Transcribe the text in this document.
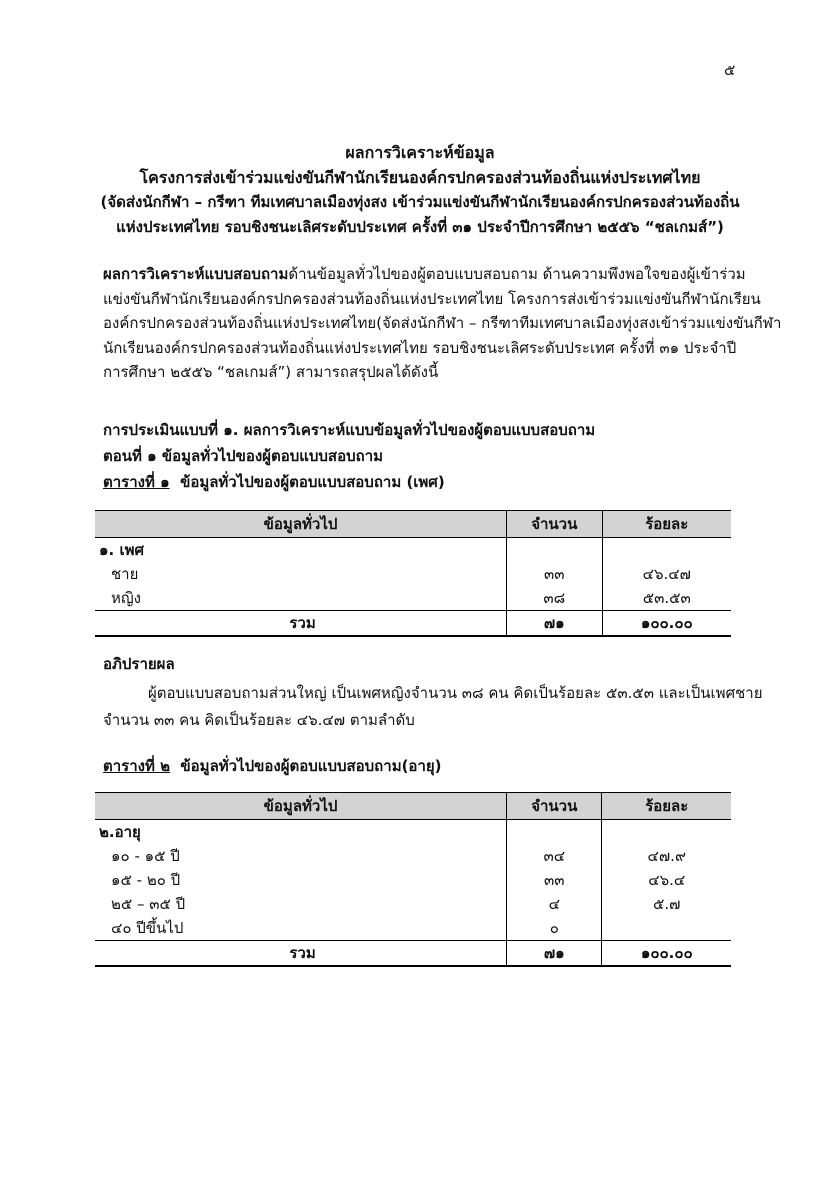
๕
ผลการวิเคราะห์ข้อมูล
โครงการส่งเข้าร่วมแข่งขันกีฬานักเรียนองค์กรปกครองส่วนท้องถิ่นแห่งประเทศไทย
(จัดส่งนักกีฬา – กรีฑา ทีมเทศบาลเมืองทุ่งสง เข้าร่วมแข่งขันกีฬานักเรียนองค์กรปกครองส่วนท้องถิ่น
แห่งประเทศไทย รอบชิงชนะเลิศระดับประเทศ ครั้งที่ ๓๑ ประจำปีการศึกษา ๒๕๕๖ “ชลเกมส์”)
ผลการวิเคราะห์แบบสอบถามด้านข้อมูลทั่วไปของผู้ตอบแบบสอบถาม ด้านความพึงพอใจของผู้เข้าร่วม
แข่งขันกีฬานักเรียนองค์กรปกครองส่วนท้องถิ่นแห่งประเทศไทย โครงการส่งเข้าร่วมแข่งขันกีฬานักเรียน
องค์กรปกครองส่วนท้องถิ่นแห่งประเทศไทย(จัดส่งนักกีฬา – กรีฑาทีมเทศบาลเมืองทุ่งสงเข้าร่วมแข่งขันกีฬา
นักเรียนองค์กรปกครองส่วนท้องถิ่นแห่งประเทศไทย รอบชิงชนะเลิศระดับประเทศ ครั้งที่ ๓๑ ประจำปี
การศึกษา ๒๕๕๖ “ชลเกมส์”) สามารถสรุปผลได้ดังนี้
การประเมินแบบที่ ๑. ผลการวิเคราะห์แบบข้อมูลทั่วไปของผู้ตอบแบบสอบถาม
ตอนที่ ๑ ข้อมูลทั่วไปของผู้ตอบแบบสอบถาม
ตารางที่ ๑ ข้อมูลทั่วไปของผู้ตอบแบบสอบถาม (เพศ)
ข้อมูลทั่วไป	จำนวน	ร้อยละ
๑. เพศ		
ชาย	๓๓	๔๖.๔๗
หญิง	๓๘	๕๓.๕๓
รวม	๗๑	๑๐๐.๐๐
อภิปรายผล
ผู้ตอบแบบสอบถามส่วนใหญ่ เป็นเพศหญิงจำนวน ๓๘ คน คิดเป็นร้อยละ ๕๓.๕๓ และเป็นเพศชาย
จำนวน ๓๓ คน คิดเป็นร้อยละ ๔๖.๔๗ ตามลำดับ
ตารางที่ ๒ ข้อมูลทั่วไปของผู้ตอบแบบสอบถาม(อายุ)
ข้อมูลทั่วไป	จำนวน	ร้อยละ
๒.อายุ		
๑๐ - ๑๕ ปี	๓๔	๔๗.๙
๑๕ - ๒๐ ปี	๓๓	๔๖.๔
๒๕ – ๓๕ ปี	๔	๕.๗
๔๐ ปีขึ้นไป	๐	
รวม	๗๑	๑๐๐.๐๐
